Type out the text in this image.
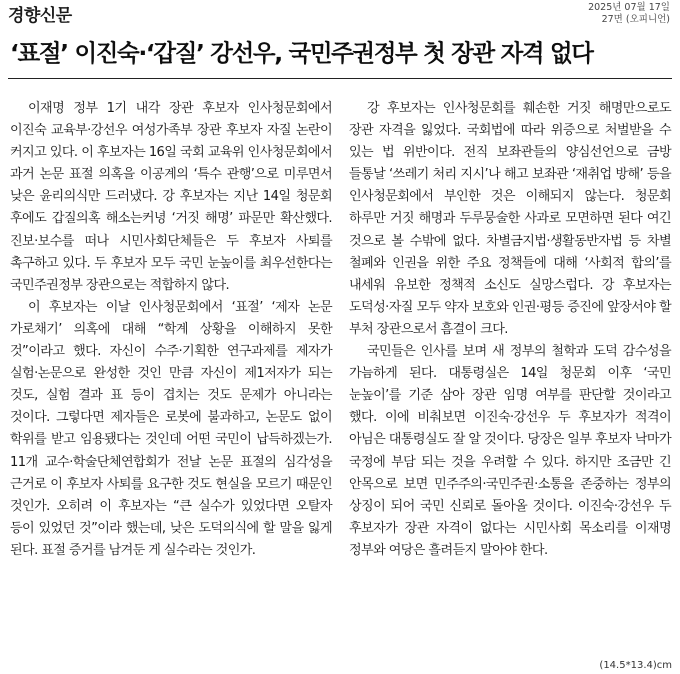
경향신문	2025년 07월 17일
27면 (오피니언)
‘표절’ 이진숙·‘갑질’ 강선우, 국민주권정부 첫 장관 자격 없다

이재명 정부 1기 내각 장관 후보자 인사청문회에서 이진숙 교육부·강선우 여성가족부 장관 후보자 자질 논란이 커지고 있다. 이 후보자는 16일 국회 교육위 인사청문회에서 과거 논문 표절 의혹을 이공계의 ‘특수 관행’으로 미루면서 낮은 윤리의식만 드러냈다. 강 후보자는 지난 14일 청문회 후에도 갑질의혹 해소는커녕 ‘거짓 해명’ 파문만 확산했다. 진보·보수를 떠나 시민사회단체들은 두 후보자 사퇴를 촉구하고 있다. 두 후보자 모두 국민 눈높이를 최우선한다는 국민주권정부 장관으로는 적합하지 않다.

이 후보자는 이날 인사청문회에서 ‘표절’ ‘제자 논문 가로채기’ 의혹에 대해 “학계 상황을 이해하지 못한 것”이라고 했다. 자신이 수주·기획한 연구과제를 제자가 실험·논문으로 완성한 것인 만큼 자신이 제1저자가 되는 것도, 실험 결과 표 등이 겹치는 것도 문제가 아니라는 것이다. 그렇다면 제자들은 로봇에 불과하고, 논문도 없이 학위를 받고 임용됐다는 것인데 어떤 국민이 납득하겠는가. 11개 교수·학술단체연합회가 전날 논문 표절의 심각성을 근거로 이 후보자 사퇴를 요구한 것도 현실을 모르기 때문인 것인가. 오히려 이 후보자는 “큰 실수가 있었다면 오탈자 등이 있었던 것”이라 했는데, 낮은 도덕의식에 할 말을 잃게 된다. 표절 증거를 남겨둔 게 실수라는 것인가.

강 후보자는 인사청문회를 훼손한 거짓 해명만으로도 장관 자격을 잃었다. 국회법에 따라 위증으로 처벌받을 수 있는 법 위반이다. 전직 보좌관들의 양심선언으로 금방 들통날 ‘쓰레기 처리 지시’나 해고 보좌관 ‘재취업 방해’ 등을 인사청문회에서 부인한 것은 이해되지 않는다. 청문회 하루만 거짓 해명과 두루뭉술한 사과로 모면하면 된다 여긴 것으로 볼 수밖에 없다. 차별금지법·생활동반자법 등 차별 철폐와 인권을 위한 주요 정책들에 대해 ‘사회적 합의’를 내세워 유보한 정책적 소신도 실망스럽다. 강 후보자는 도덕성·자질 모두 약자 보호와 인권·평등 증진에 앞장서야 할 부처 장관으로서 흠결이 크다.

국민들은 인사를 보며 새 정부의 철학과 도덕 감수성을 가늠하게 된다. 대통령실은 14일 청문회 이후 ‘국민 눈높이’를 기준 삼아 장관 임명 여부를 판단할 것이라고 했다. 이에 비춰보면 이진숙·강선우 두 후보자가 적격이 아님은 대통령실도 잘 알 것이다. 당장은 일부 후보자 낙마가 국정에 부담 되는 것을 우려할 수 있다. 하지만 조금만 긴 안목으로 보면 민주주의·국민주권·소통을 존중하는 정부의 상징이 되어 국민 신뢰로 돌아올 것이다. 이진숙·강선우 두 후보자가 장관 자격이 없다는 시민사회 목소리를 이재명 정부와 여당은 흘려듣지 말아야 한다.

(14.5*13.4)cm
